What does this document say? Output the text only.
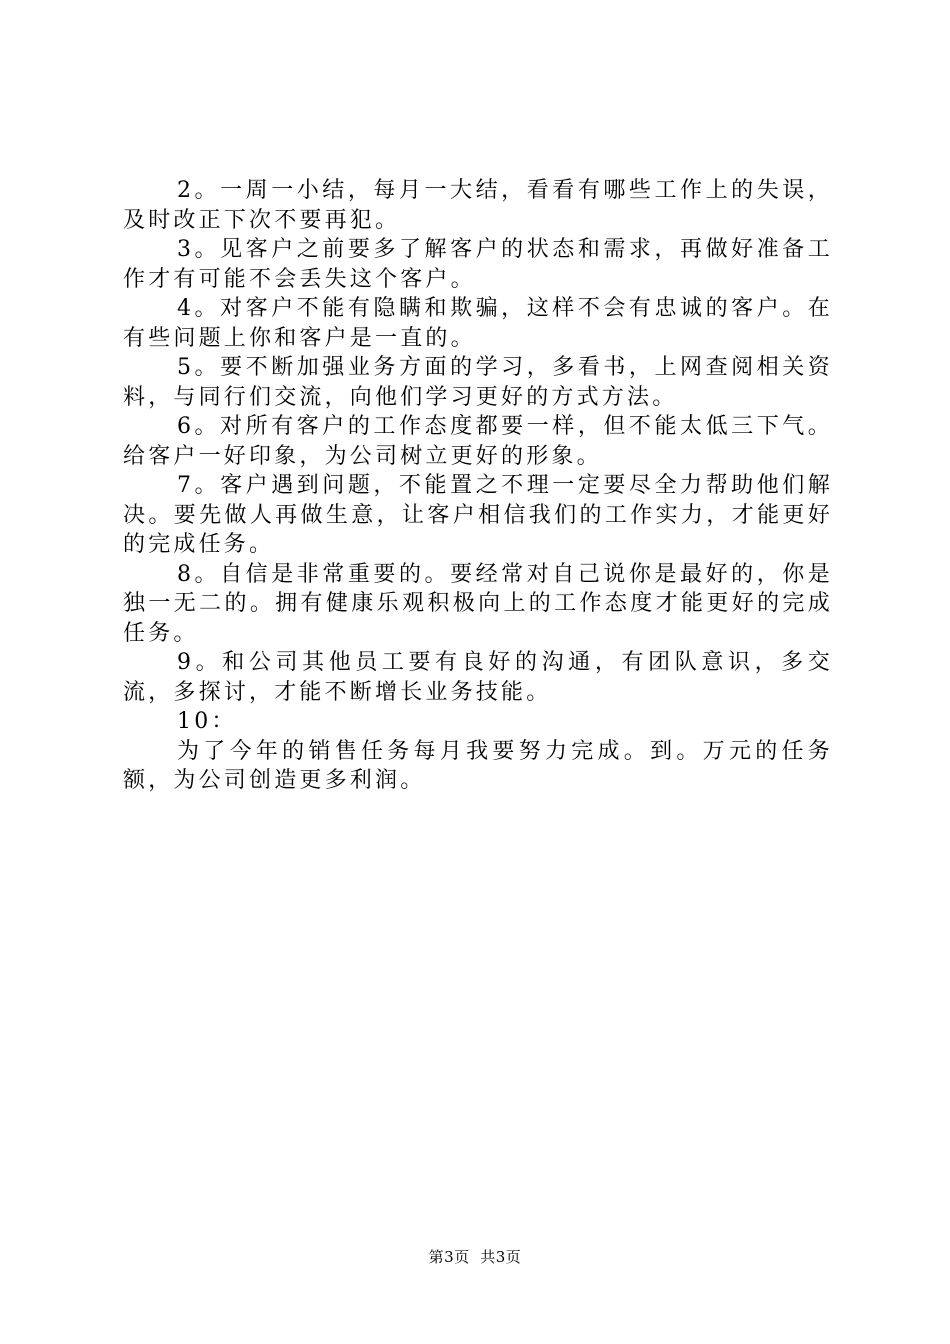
2。一周一小结，每月一大结，看看有哪些工作上的失误，及时改正下次不要再犯。

3。见客户之前要多了解客户的状态和需求，再做好准备工作才有可能不会丢失这个客户。

4。对客户不能有隐瞒和欺骗，这样不会有忠诚的客户。在有些问题上你和客户是一直的。

5。要不断加强业务方面的学习，多看书，上网查阅相关资料，与同行们交流，向他们学习更好的方式方法。

6。对所有客户的工作态度都要一样，但不能太低三下气。给客户一好印象，为公司树立更好的形象。

7。客户遇到问题，不能置之不理一定要尽全力帮助他们解决。要先做人再做生意，让客户相信我们的工作实力，才能更好的完成任务。

8。自信是非常重要的。要经常对自己说你是最好的，你是独一无二的。拥有健康乐观积极向上的工作态度才能更好的完成任务。

9。和公司其他员工要有良好的沟通，有团队意识，多交流，多探讨，才能不断增长业务技能。

10：

为了今年的销售任务每月我要努力完成。到。万元的任务额，为公司创造更多利润。

第3页 共3页
